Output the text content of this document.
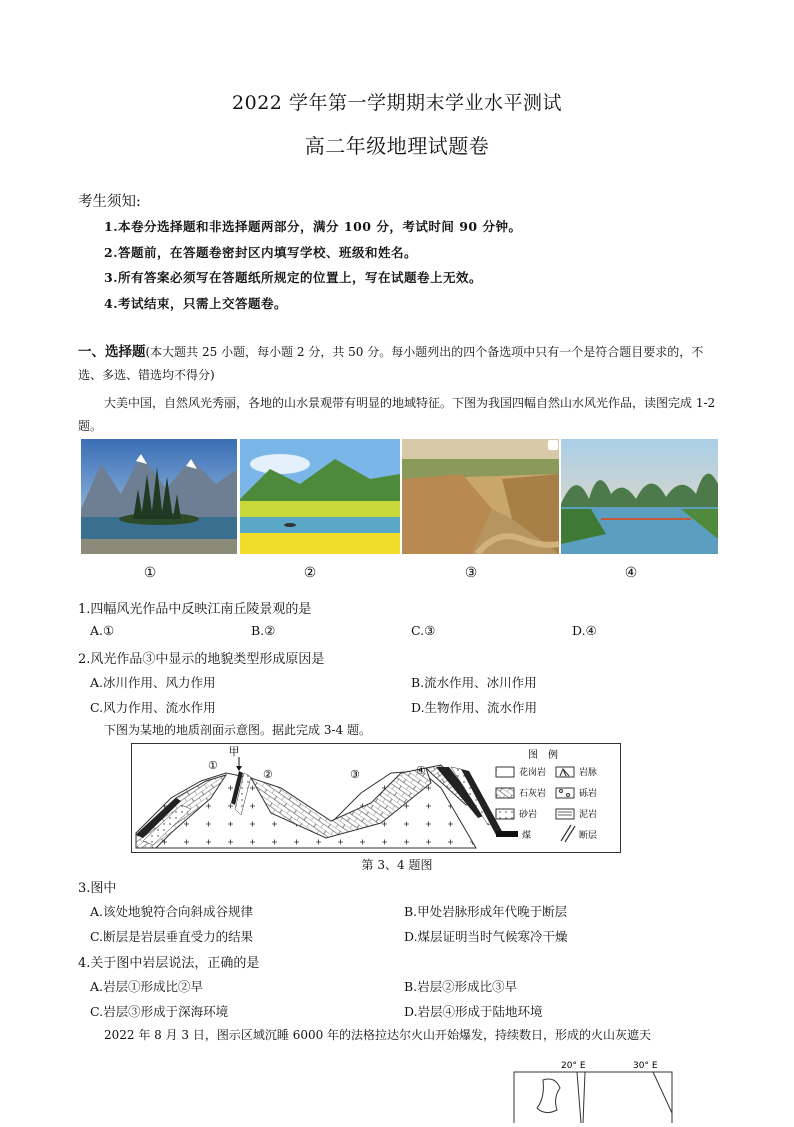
2022 学年第一学期期末学业水平测试
高二年级地理试题卷
考生须知:
1.本卷分选择题和非选择题两部分，满分 100 分，考试时间 90 分钟。
2.答题前，在答题卷密封区内填写学校、班级和姓名。
3.所有答案必须写在答题纸所规定的位置上，写在试题卷上无效。
4.考试结束，只需上交答题卷。
一、选择题(本大题共 25 小题，每小题 2 分，共 50 分。每小题列出的四个备选项中只有一个是符合题目要求的，不选、多选、错选均不得分)
大美中国，自然风光秀丽，各地的山水景观带有明显的地域特征。下图为我国四幅自然山水风光作品，读图完成 1-2 题。
①	②	③	④
1.四幅风光作品中反映江南丘陵景观的是
A.①	B.②	C.③	D.④
2.风光作品③中显示的地貌类型形成原因是
A.冰川作用、风力作用	B.流水作用、冰川作用
C.风力作用、流水作用	D.生物作用、流水作用
下图为某地的地质剖面示意图。据此完成 3-4 题。
甲
①
②	③	④
图　例
花岗岩	岩脉
石灰岩	砾岩
砂岩	泥岩
煤	断层
第 3、4 题图
3.图中
A.该处地貌符合向斜成谷规律	B.甲处岩脉形成年代晚于断层
C.断层是岩层垂直受力的结果	D.煤层证明当时气候寒冷干燥
4.关于图中岩层说法，正确的是
A.岩层①形成比②早	B.岩层②形成比③早
C.岩层③形成于深海环境	D.岩层④形成于陆地环境
2022 年 8 月 3 日，图示区域沉睡 6000 年的法格拉达尔火山开始爆发，持续数日，形成的火山灰遮天
20° E	30° E
